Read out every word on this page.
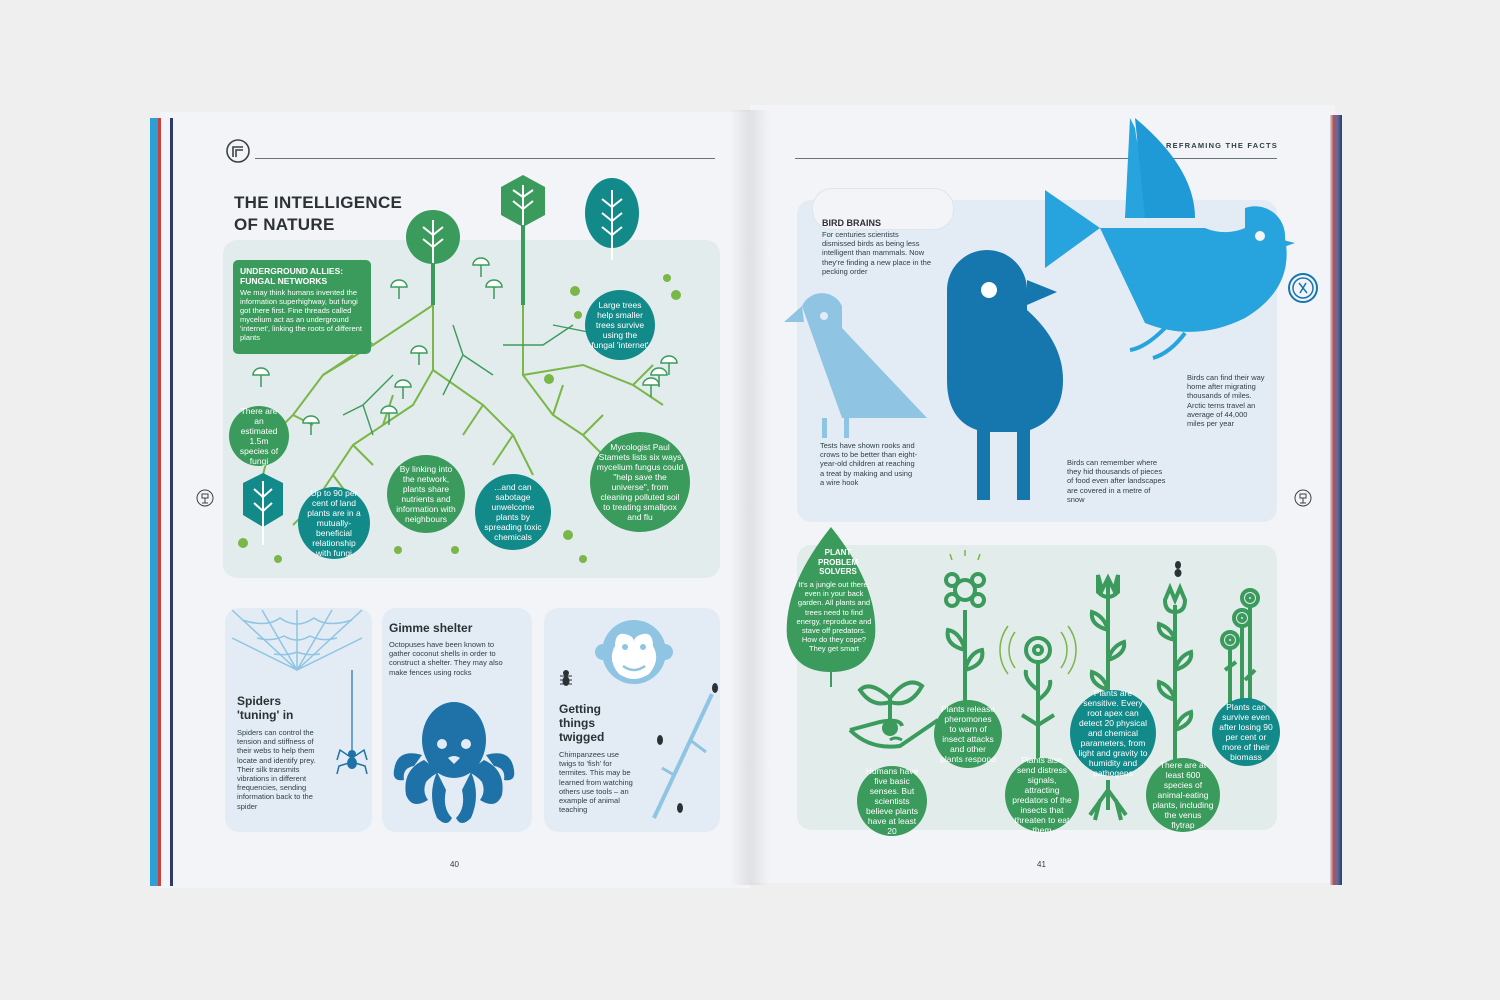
THE INTELLIGENCE
OF NATURE
UNDERGROUND ALLIES: FUNGAL NETWORKS
We may think humans invented the information superhighway, but fungi got there first. Fine threads called mycelium act as an underground 'internet', linking the roots of different plants
There are an estimated 1.5m species of fungi
Up to 90 per cent of land plants are in a mutually-beneficial relationship with fungi
By linking into the network, plants share nutrients and information with neighbours
...and can sabotage unwelcome plants by spreading toxic chemicals
Mycologist Paul Stamets lists six ways mycelium fungus could "help save the universe", from cleaning polluted soil to treating smallpox and flu
Large trees help smaller trees survive using the fungal 'internet'
Spiders 'tuning' in
Spiders can control the tension and stiffness of their webs to help them locate and identify prey. Their silk transmits vibrations in different frequencies, sending information back to the spider
Gimme shelter
Octopuses have been known to gather coconut shells in order to construct a shelter. They may also make fences using rocks
Getting things twigged
Chimpanzees use twigs to 'fish' for termites. This may be learned from watching others use tools – an example of animal teaching
40
REFRAMING THE FACTS
BIRD BRAINS
For centuries scientists dismissed birds as being less intelligent than mammals. Now they're finding a new place in the pecking order
Tests have shown rooks and crows to be better than eight-year-old children at reaching a treat by making and using a wire hook
Birds can remember where they hid thousands of pieces of food even after landscapes are covered in a metre of snow
Birds can find their way home after migrating thousands of miles. Arctic terns travel an average of 44,000 miles per year
PLANT PROBLEM SOLVERS
It's a jungle out there, even in your back garden. All plants and trees need to find energy, reproduce and stave off predators. How do they cope? They get smart
Humans have five basic senses. But scientists believe plants have at least 20
Plants release pheromones to warn of insect attacks and other plants respond	Plants also send distress signals, attracting predators of the insects that threaten to eat them
Plants are sensitive. Every root apex can detect 20 physical and chemical parameters, from light and gravity to humidity and pathogens
There are at least 600 species of animal-eating plants, including the venus flytrap
Plants can survive even after losing 90 per cent or more of their biomass
41
